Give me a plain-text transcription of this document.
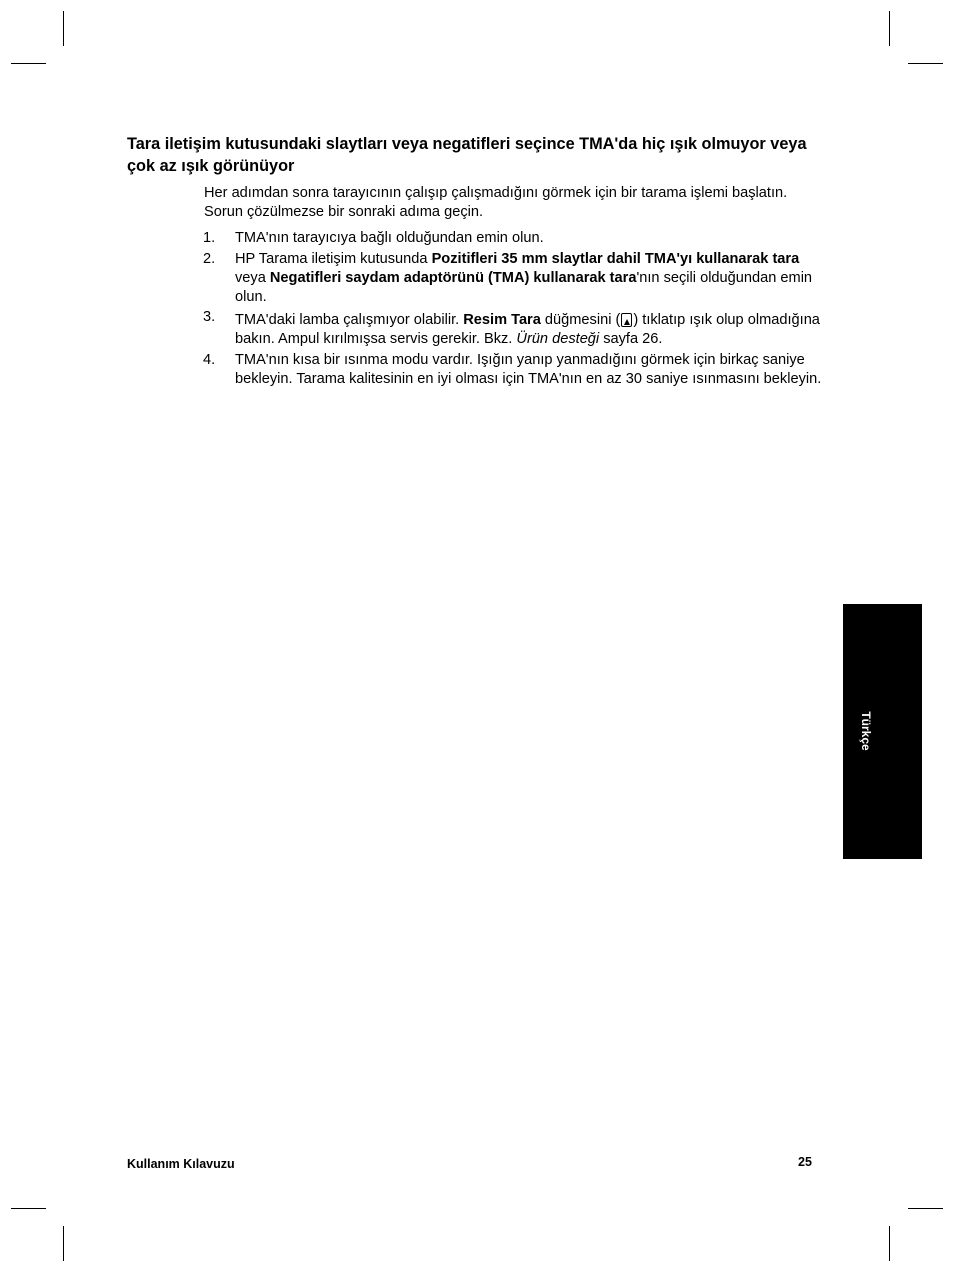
Tara iletişim kutusundaki slaytları veya negatifleri seçince TMA'da hiç ışık olmuyor veya çok az ışık görünüyor

Her adımdan sonra tarayıcının çalışıp çalışmadığını görmek için bir tarama işlemi başlatın. Sorun çözülmezse bir sonraki adıma geçin.

1. TMA'nın tarayıcıya bağlı olduğundan emin olun.
2. HP Tarama iletişim kutusunda Pozitifleri 35 mm slaytlar dahil TMA'yı kullanarak tara veya Negatifleri saydam adaptörünü (TMA) kullanarak tara'nın seçili olduğundan emin olun.
3. TMA'daki lamba çalışmıyor olabilir. Resim Tara düğmesini ( ) tıklatıp ışık olup olmadığına bakın. Ampul kırılmışsa servis gerekir. Bkz. Ürün desteği sayfa 26.
4. TMA'nın kısa bir ısınma modu vardır. Işığın yanıp yanmadığını görmek için birkaç saniye bekleyin. Tarama kalitesinin en iyi olması için TMA'nın en az 30 saniye ısınmasını bekleyin.
Türkçe
Kullanım Kılavuzu	25
